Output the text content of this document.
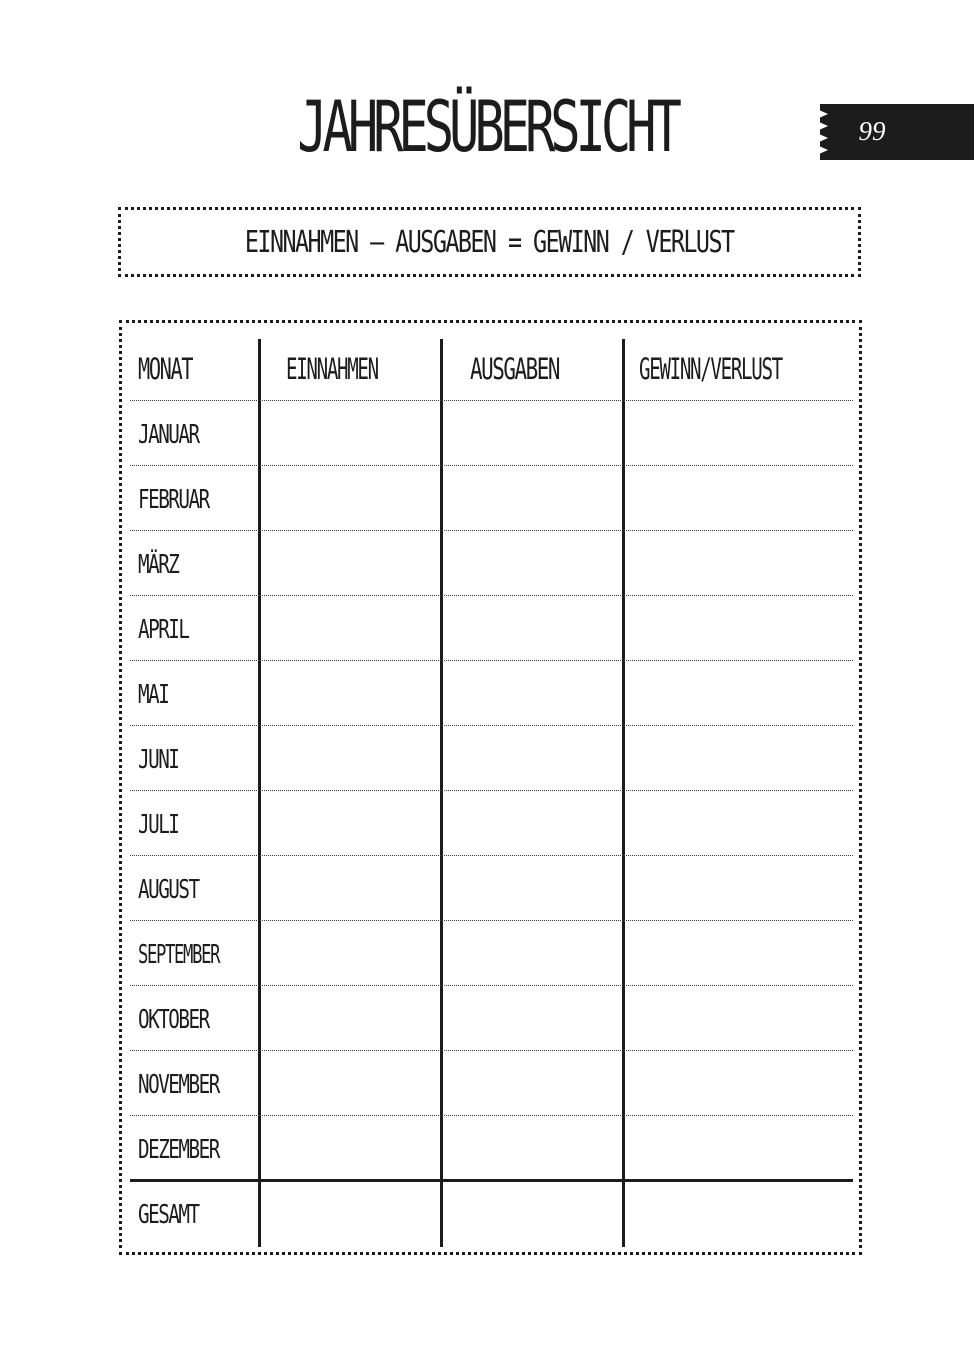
JAHRESÜBERSICHT	99
EINNAHMEN – AUSGABEN = GEWINN / VERLUST
MONAT	EINNAHMEN	AUSGABEN	GEWINN/VERLUST
JANUAR
FEBRUAR
MÄRZ
APRIL
MAI
JUNI
JULI
AUGUST
SEPTEMBER
OKTOBER
NOVEMBER
DEZEMBER
GESAMT
